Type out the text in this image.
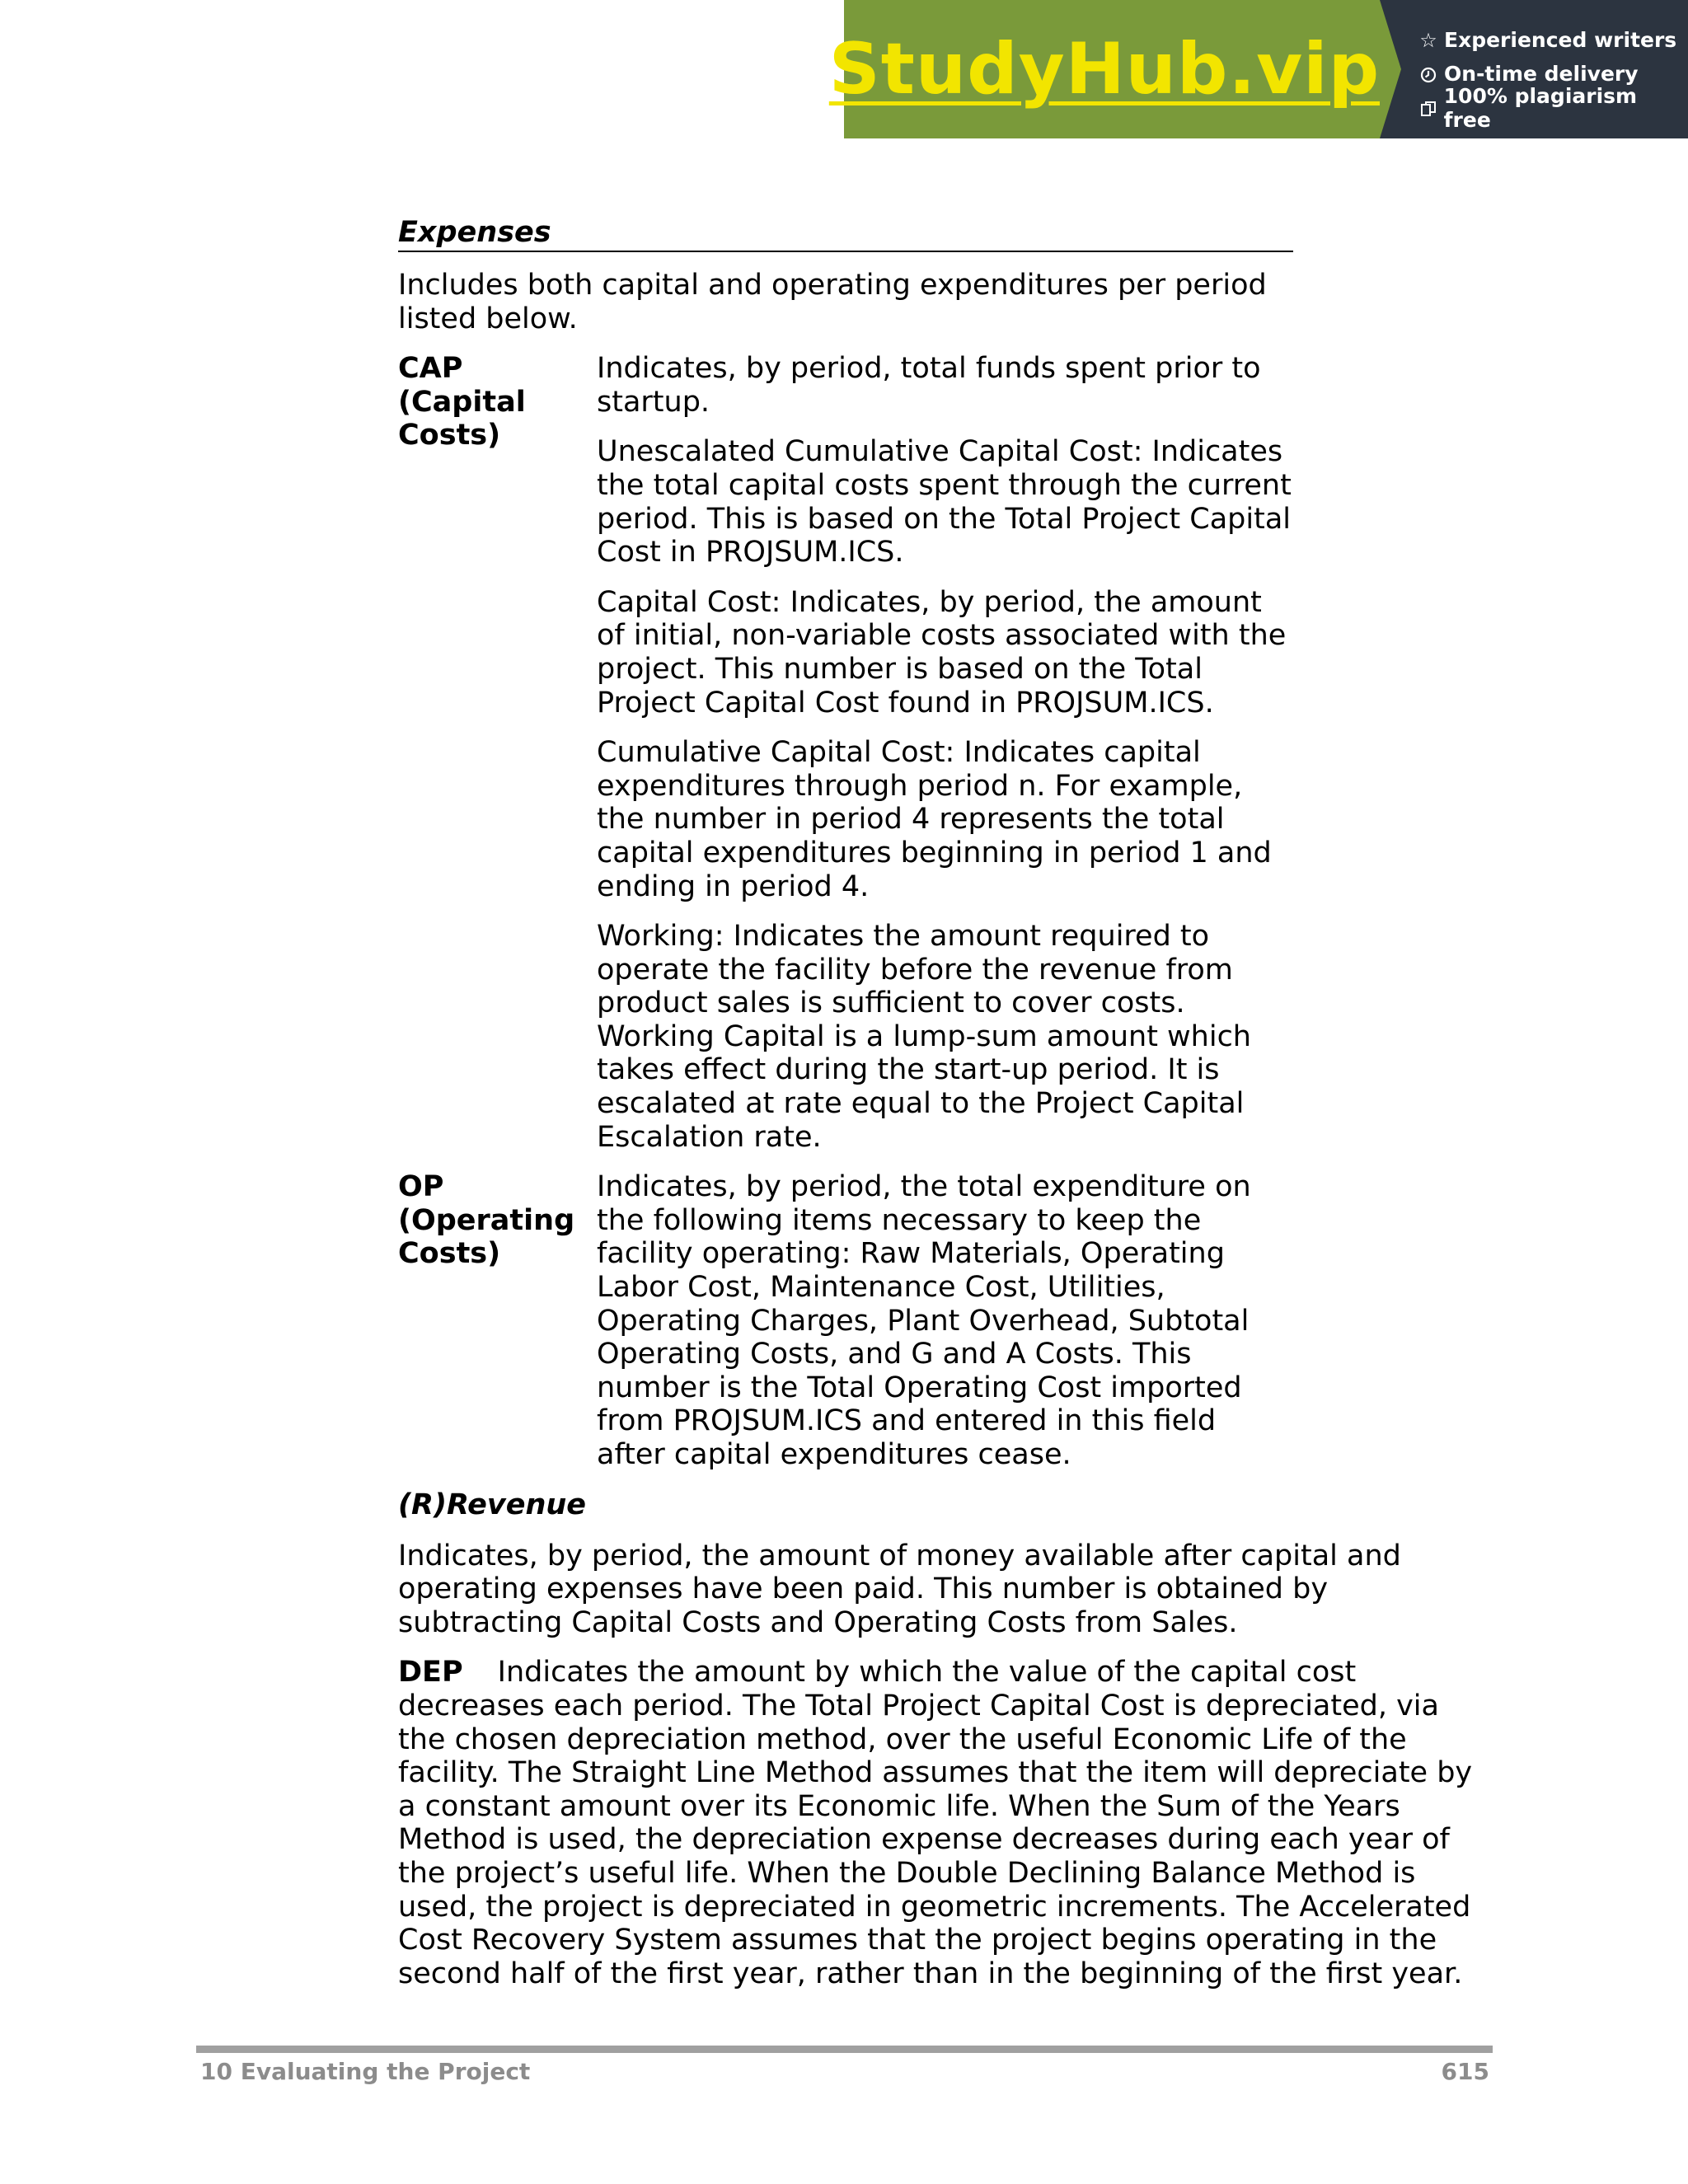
StudyHub.vip ☆ Experienced writers
On-time delivery
100% plagiarism free
Expenses

Includes both capital and operating expenditures per period listed below.

CAP (Capital Costs)

Indicates, by period, total funds spent prior to startup.

Unescalated Cumulative Capital Cost: Indicates the total capital costs spent through the current period. This is based on the Total Project Capital Cost in PROJSUM.ICS.

Capital Cost: Indicates, by period, the amount of initial, non-variable costs associated with the project. This number is based on the Total Project Capital Cost found in PROJSUM.ICS.

Cumulative Capital Cost: Indicates capital expenditures through period n. For example, the number in period 4 represents the total capital expenditures beginning in period 1 and ending in period 4.

Working: Indicates the amount required to operate the facility before the revenue from product sales is sufficient to cover costs. Working Capital is a lump-sum amount which takes effect during the start-up period. It is escalated at rate equal to the Project Capital Escalation rate.

OP (Operating Costs)
Indicates, by period, the total expenditure on the following items necessary to keep the facility operating: Raw Materials, Operating Labor Cost, Maintenance Cost, Utilities, Operating Charges, Plant Overhead, Subtotal Operating Costs, and G and A Costs. This number is the Total Operating Cost imported from PROJSUM.ICS and entered in this field after capital expenditures cease.
(R)Revenue

Indicates, by period, the amount of money available after capital and operating expenses have been paid. This number is obtained by subtracting Capital Costs and Operating Costs from Sales.

DEP Indicates the amount by which the value of the capital cost decreases each period. The Total Project Capital Cost is depreciated, via the chosen depreciation method, over the useful Economic Life of the facility. The Straight Line Method assumes that the item will depreciate by a constant amount over its Economic life. When the Sum of the Years Method is used, the depreciation expense decreases during each year of the project’s useful life. When the Double Declining Balance Method is used, the project is depreciated in geometric increments. The Accelerated Cost Recovery System assumes that the project begins operating in the second half of the first year, rather than in the beginning of the first year.

10 Evaluating the Project	615
